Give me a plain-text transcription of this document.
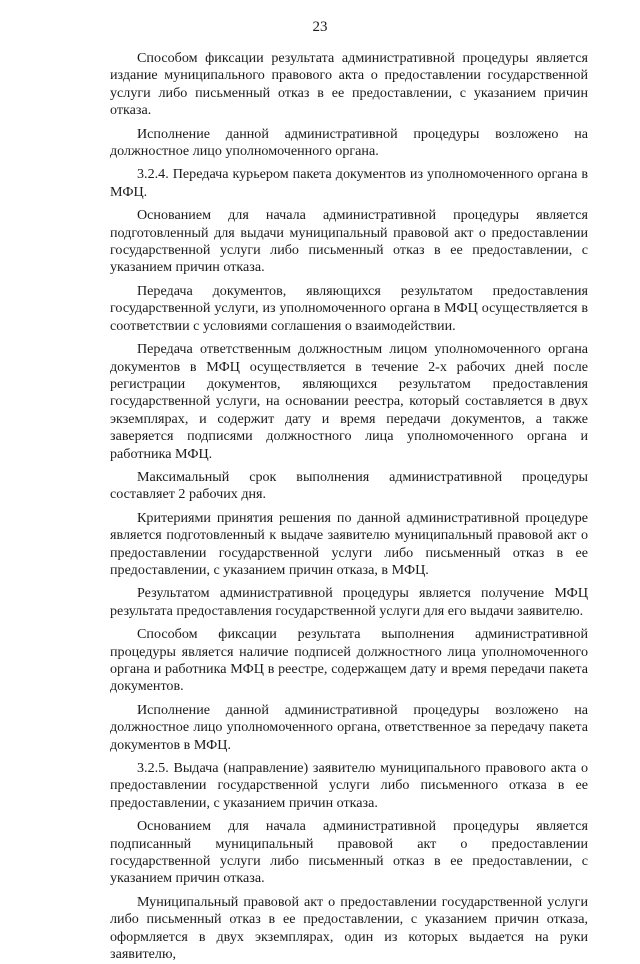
23

Способом фиксации результата административной процедуры является издание муниципального правового акта о предоставлении государственной услуги либо письменный отказ в ее предоставлении, с указанием причин отказа.

Исполнение данной административной процедуры возложено на должностное лицо уполномоченного органа.

3.2.4. Передача курьером пакета документов из уполномоченного органа в МФЦ.

Основанием для начала административной процедуры является подготовленный для выдачи муниципальный правовой акт о предоставлении государственной услуги либо письменный отказ в ее предоставлении, с указанием причин отказа.

Передача документов, являющихся результатом предоставления государственной услуги, из уполномоченного органа в МФЦ осуществляется в соответствии с условиями соглашения о взаимодействии.

Передача ответственным должностным лицом уполномоченного органа документов в МФЦ осуществляется в течение 2-х рабочих дней после регистрации документов, являющихся результатом предоставления государственной услуги, на основании реестра, который составляется в двух экземплярах, и содержит дату и время передачи документов, а также заверяется подписями должностного лица уполномоченного органа и работника МФЦ.

Максимальный срок выполнения административной процедуры составляет 2 рабочих дня.

Критериями принятия решения по данной административной процедуре является подготовленный к выдаче заявителю муниципальный правовой акт о предоставлении государственной услуги либо письменный отказ в ее предоставлении, с указанием причин отказа, в МФЦ.

Результатом административной процедуры является получение МФЦ результата предоставления государственной услуги для его выдачи заявителю.

Способом фиксации результата выполнения административной процедуры является наличие подписей должностного лица уполномоченного органа и работника МФЦ в реестре, содержащем дату и время передачи пакета документов.

Исполнение данной административной процедуры возложено на должностное лицо уполномоченного органа, ответственное за передачу пакета документов в МФЦ.

3.2.5. Выдача (направление) заявителю муниципального правового акта о предоставлении государственной услуги либо письменного отказа в ее предоставлении, с указанием причин отказа.

Основанием для начала административной процедуры является подписанный муниципальный правовой акт о предоставлении государственной услуги либо письменный отказ в ее предоставлении, с указанием причин отказа.

Муниципальный правовой акт о предоставлении государственной услуги либо письменный отказ в ее предоставлении, с указанием причин отказа, оформляется в двух экземплярах, один из которых выдается на руки заявителю,
